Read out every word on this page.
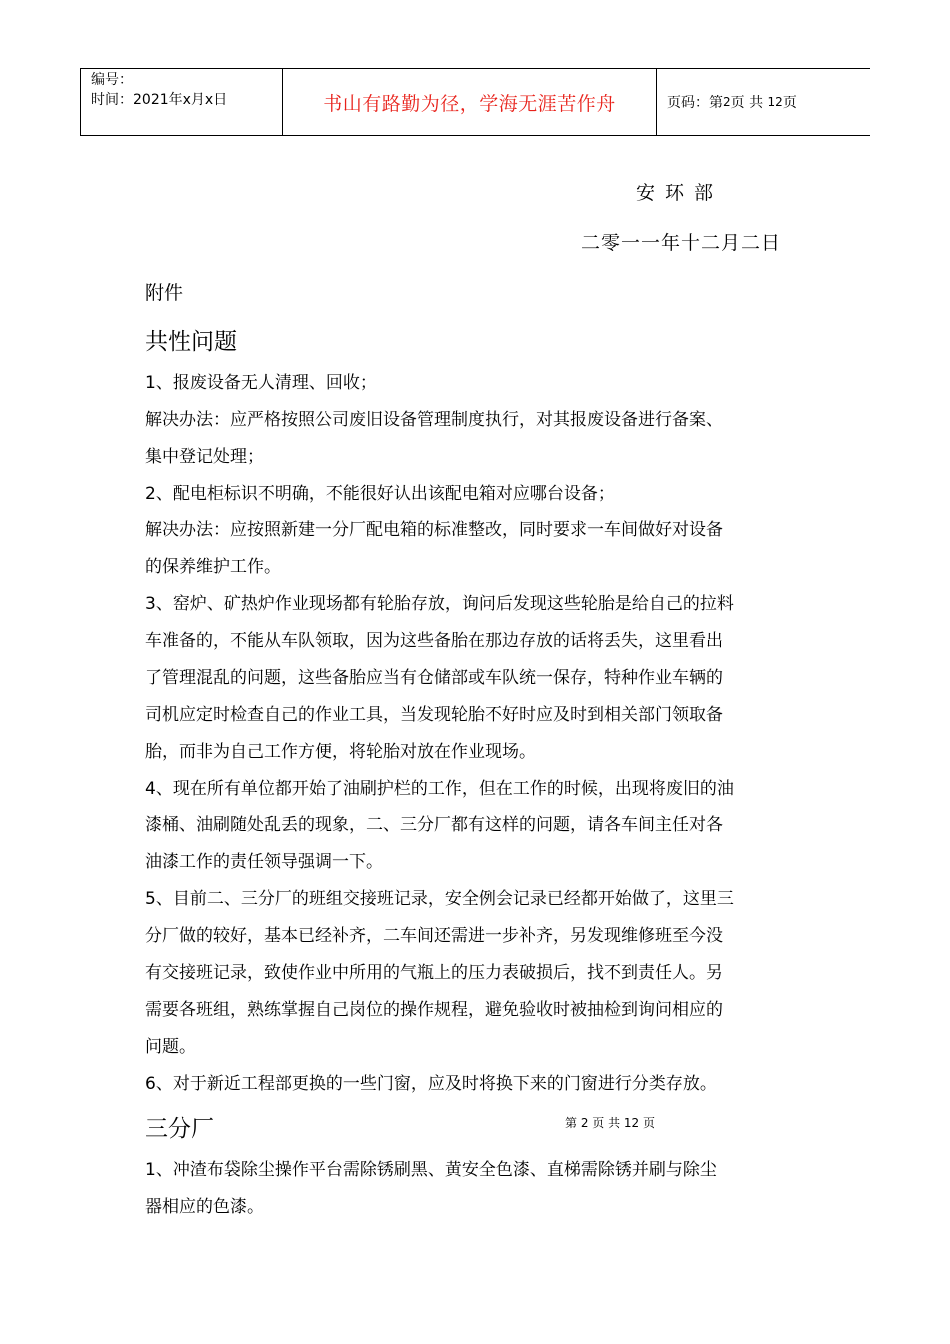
编号：
时间：2021年x月x日	书山有路勤为径，学海无涯苦作舟	页码：第 2 页 共
12 页
安环部
二零一一年十二月二日
附件
共性问题
1、报废设备无人清理、回收；
解决办法：应严格按照公司废旧设备管理制度执行，对其报废设备进行备案、
集中登记处理；
2、配电柜标识不明确，不能很好认出该配电箱对应哪台设备；
解决办法：应按照新建一分厂配电箱的标准整改，同时要求一车间做好对设备
的保养维护工作。
3、窑炉、矿热炉作业现场都有轮胎存放，询问后发现这些轮胎是给自己的拉料
车准备的，不能从车队领取，因为这些备胎在那边存放的话将丢失，这里看出
了管理混乱的问题，这些备胎应当有仓储部或车队统一保存，特种作业车辆的
司机应定时检查自己的作业工具，当发现轮胎不好时应及时到相关部门领取备
胎，而非为自己工作方便，将轮胎对放在作业现场。
4、现在所有单位都开始了油刷护栏的工作，但在工作的时候，出现将废旧的油
漆桶、油刷随处乱丢的现象，二、三分厂都有这样的问题，请各车间主任对各
油漆工作的责任领导强调一下。
5、目前二、三分厂的班组交接班记录，安全例会记录已经都开始做了，这里三
分厂做的较好，基本已经补齐，二车间还需进一步补齐，另发现维修班至今没
有交接班记录，致使作业中所用的气瓶上的压力表破损后，找不到责任人。另
需要各班组，熟练掌握自己岗位的操作规程，避免验收时被抽检到询问相应的
问题。
6、对于新近工程部更换的一些门窗，应及时将换下来的门窗进行分类存放。
三分厂	第 2 页 共 12 页
1、冲渣布袋除尘操作平台需除锈刷黑、黄安全色漆、直梯需除锈并刷与除尘
器相应的色漆。
